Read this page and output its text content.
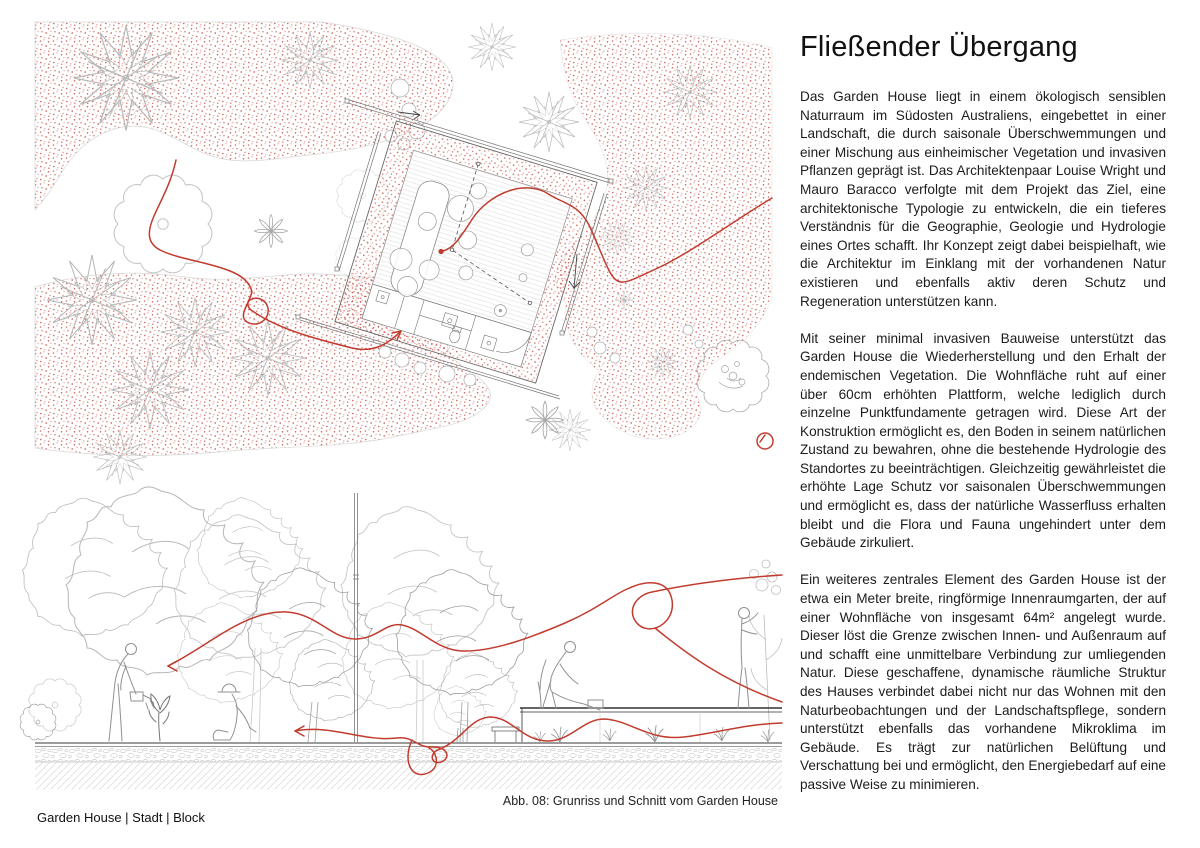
Fließender Übergang

Das Garden House liegt in einem ökologisch sensiblen Naturraum im Südosten Australiens, eingebettet in einer Landschaft, die durch saisonale Überschwemmungen und einer Mischung aus einheimischer Vegetation und invasiven Pflanzen geprägt ist. Das Architektenpaar Louise Wright und Mauro Baracco verfolgte mit dem Projekt das Ziel, eine architektonische Typologie zu entwickeln, die ein tieferes Verständnis für die Geographie, Geologie und Hydrologie eines Ortes schafft. Ihr Konzept zeigt dabei beispielhaft, wie die Architektur im Einklang mit der vorhandenen Natur existieren und ebenfalls aktiv deren Schutz und Regeneration unterstützen kann.

Mit seiner minimal invasiven Bauweise unterstützt das Garden House die Wiederherstellung und den Erhalt der endemischen Vegetation. Die Wohnfläche ruht auf einer über 60cm erhöhten Plattform, welche lediglich durch einzelne Punktfundamente getragen wird. Diese Art der Konstruktion ermöglicht es, den Boden in seinem natürlichen Zustand zu bewahren, ohne die bestehende Hydrologie des Standortes zu beeinträchtigen. Gleichzeitig gewährleistet die erhöhte Lage Schutz vor saisonalen Überschwemmungen und ermöglicht es, dass der natürliche Wasserfluss erhalten bleibt und die Flora und Fauna ungehindert unter dem Gebäude zirkuliert.

Ein weiteres zentrales Element des Garden House ist der etwa ein Meter breite, ringförmige Innenraumgarten, der auf einer Wohnfläche von insgesamt 64m² angelegt wurde. Dieser löst die Grenze zwischen Innen- und Außenraum auf und schafft eine unmittelbare Verbindung zur umliegenden Natur. Diese geschaffene, dynamische räumliche Struktur des Hauses verbindet dabei nicht nur das Wohnen mit den Naturbeobachtungen und der Landschaftspflege, sondern unterstützt ebenfalls das vorhandene Mikroklima im Gebäude. Es trägt zur natürlichen Belüftung und Verschattung bei und ermöglicht, den Energiebedarf auf eine passive Weise zu minimieren.

Abb. 08: Grunriss und Schnitt vom Garden House
Garden House | Stadt | Block
